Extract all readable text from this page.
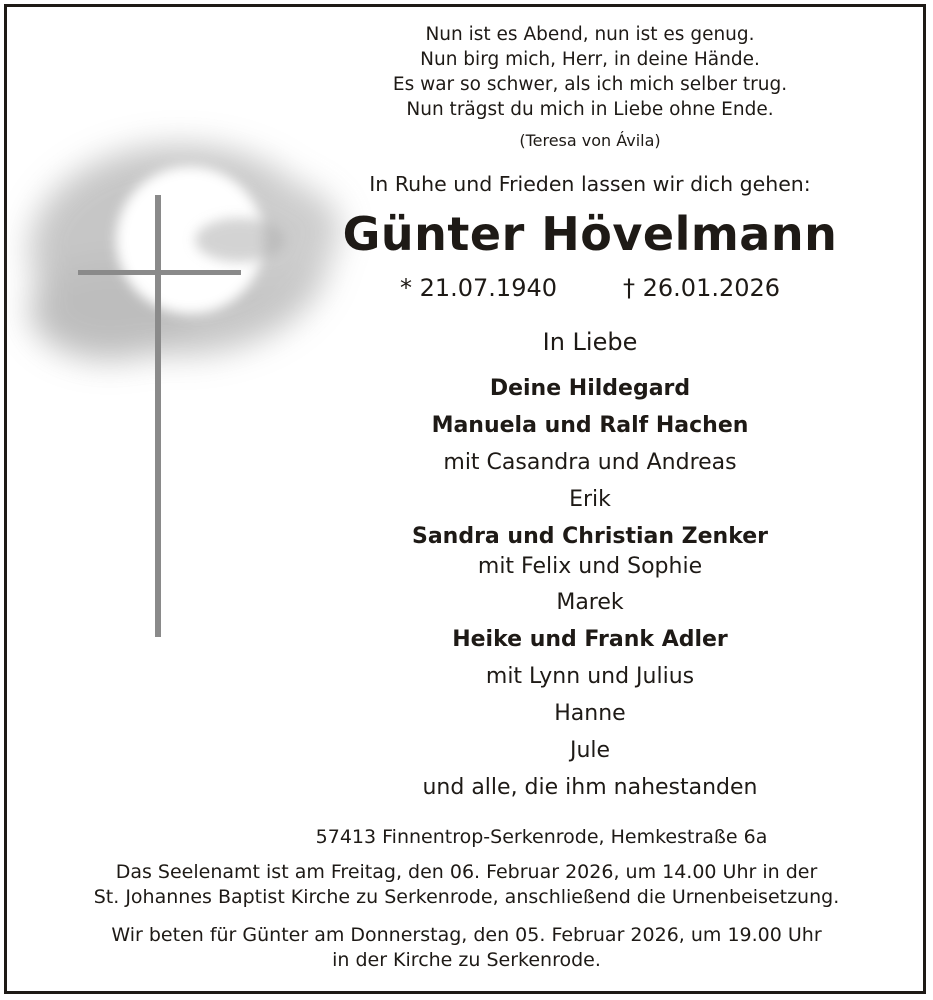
Nun ist es Abend, nun ist es genug.
Nun birg mich, Herr, in deine Hände.
Es war so schwer, als ich mich selber trug.
Nun trägst du mich in Liebe ohne Ende.
(Teresa von Ávila)
In Ruhe und Frieden lassen wir dich gehen:
Günter Hövelmann
* 21.07.1940	† 26.01.2026
In Liebe
Deine Hildegard
Manuela und Ralf Hachen
mit Casandra und Andreas
Erik
Sandra und Christian Zenker
mit Felix und Sophie
Marek
Heike und Frank Adler
mit Lynn und Julius
Hanne
Jule
und alle, die ihm nahestanden
57413 Finnentrop-Serkenrode, Hemkestraße 6a
Das Seelenamt ist am Freitag, den 06. Februar 2026, um 14.00 Uhr in der
St. Johannes Baptist Kirche zu Serkenrode, anschließend die Urnenbeisetzung.
Wir beten für Günter am Donnerstag, den 05. Februar 2026, um 19.00 Uhr
in der Kirche zu Serkenrode.
